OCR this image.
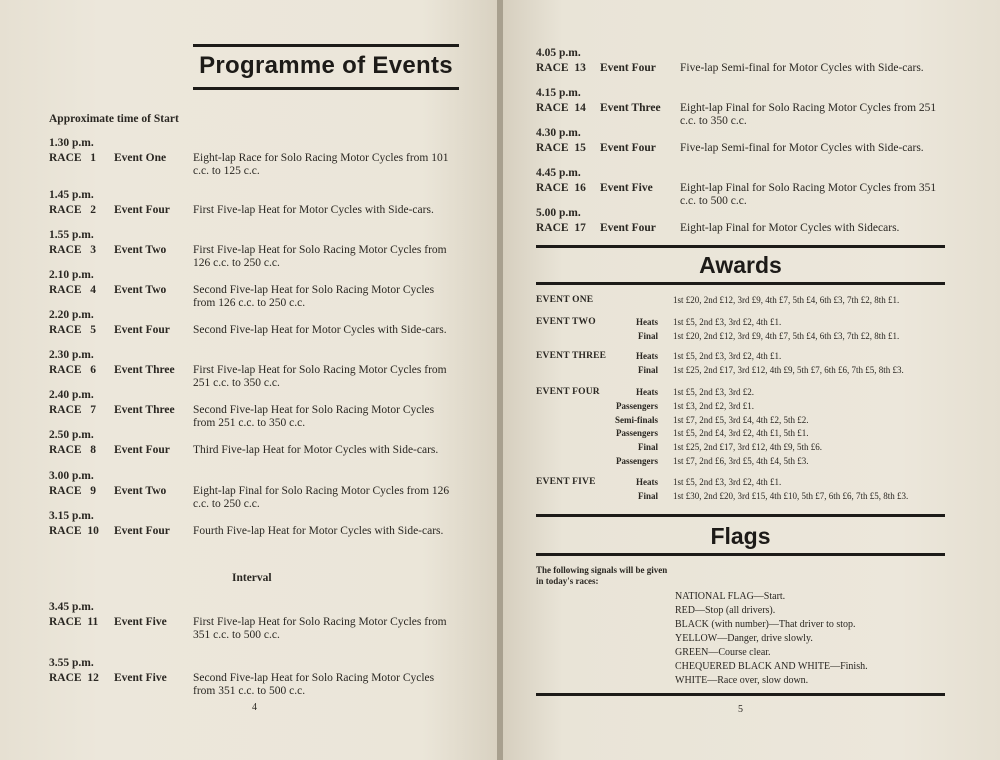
Programme of Events
Approximate time of Start
1.30 p.m.
RACE   1 Event One Eight-lap Race for Solo Racing Motor Cycles from 101 c.c. to 125 c.c.
1.45 p.m.
RACE   2 Event Four First Five-lap Heat for Motor Cycles with Side-cars.
1.55 p.m.
RACE   3 Event Two First Five-lap Heat for Solo Racing Motor Cycles from 126 c.c. to 250 c.c.
2.10 p.m.
RACE   4 Event Two Second Five-lap Heat for Solo Racing Motor Cycles from 126 c.c. to 250 c.c.
2.20 p.m.
RACE   5 Event Four Second Five-lap Heat for Motor Cycles with Side-cars.
2.30 p.m.
RACE   6 Event Three First Five-lap Heat for Solo Racing Motor Cycles from 251 c.c. to 350 c.c.
2.40 p.m.
RACE   7 Event Three Second Five-lap Heat for Solo Racing Motor Cycles from 251 c.c. to 350 c.c.
2.50 p.m.
RACE   8 Event Four Third Five-lap Heat for Motor Cycles with Side-cars.
3.00 p.m.
RACE   9 Event Two Eight-lap Final for Solo Racing Motor Cycles from 126 c.c. to 250 c.c.
3.15 p.m.
RACE  10 Event Four Fourth Five-lap Heat for Motor Cycles with Side-cars.
3.45 p.m.
RACE  11 Event Five First Five-lap Heat for Solo Racing Motor Cycles from 351 c.c. to 500 c.c.
3.55 p.m.
RACE  12 Event Five Second Five-lap Heat for Solo Racing Motor Cycles from 351 c.c. to 500 c.c.
Interval
4
4.05 p.m.
RACE  13 Event Four Five-lap Semi-final for Motor Cycles with Side-cars.
4.15 p.m.
RACE  14 Event Three Eight-lap Final for Solo Racing Motor Cycles from 251 c.c. to 350 c.c.
4.30 p.m.
RACE  15 Event Four Five-lap Semi-final for Motor Cycles with Side-cars.
4.45 p.m.
RACE  16 Event Five Eight-lap Final for Solo Racing Motor Cycles from 351 c.c. to 500 c.c.
5.00 p.m.
RACE  17 Event Four Eight-lap Final for Motor Cycles with Sidecars.
Awards
EVENT ONE	1st £20, 2nd £12, 3rd £9, 4th £7, 5th £4, 6th £3, 7th £2, 8th £1.
EVENT TWO	Heats 1st £5, 2nd £3, 3rd £2, 4th £1.
Final 1st £20, 2nd £12, 3rd £9, 4th £7, 5th £4, 6th £3, 7th £2, 8th £1.
EVENT THREE	Heats 1st £5, 2nd £3, 3rd £2, 4th £1.
Final 1st £25, 2nd £17, 3rd £12, 4th £9, 5th £7, 6th £6, 7th £5, 8th £3.
EVENT FOUR	Heats 1st £5, 2nd £3, 3rd £2.
Passengers 1st £3, 2nd £2, 3rd £1.
Semi-finals 1st £7, 2nd £5, 3rd £4, 4th £2, 5th £2.
Passengers 1st £5, 2nd £4, 3rd £2, 4th £1, 5th £1.
Final 1st £25, 2nd £17, 3rd £12, 4th £9, 5th £6.
Passengers 1st £7, 2nd £6, 3rd £5, 4th £4, 5th £3.
EVENT FIVE	Heats 1st £5, 2nd £3, 3rd £2, 4th £1.
Final 1st £30, 2nd £20, 3rd £15, 4th £10, 5th £7, 6th £6, 7th £5, 8th £3.
Flags
The following signals will be given in today's races:
NATIONAL FLAG—Start.
RED—Stop (all drivers).
BLACK (with number)—That driver to stop.
YELLOW—Danger, drive slowly.
GREEN—Course clear.
CHEQUERED BLACK AND WHITE—Finish.
WHITE—Race over, slow down.
5
